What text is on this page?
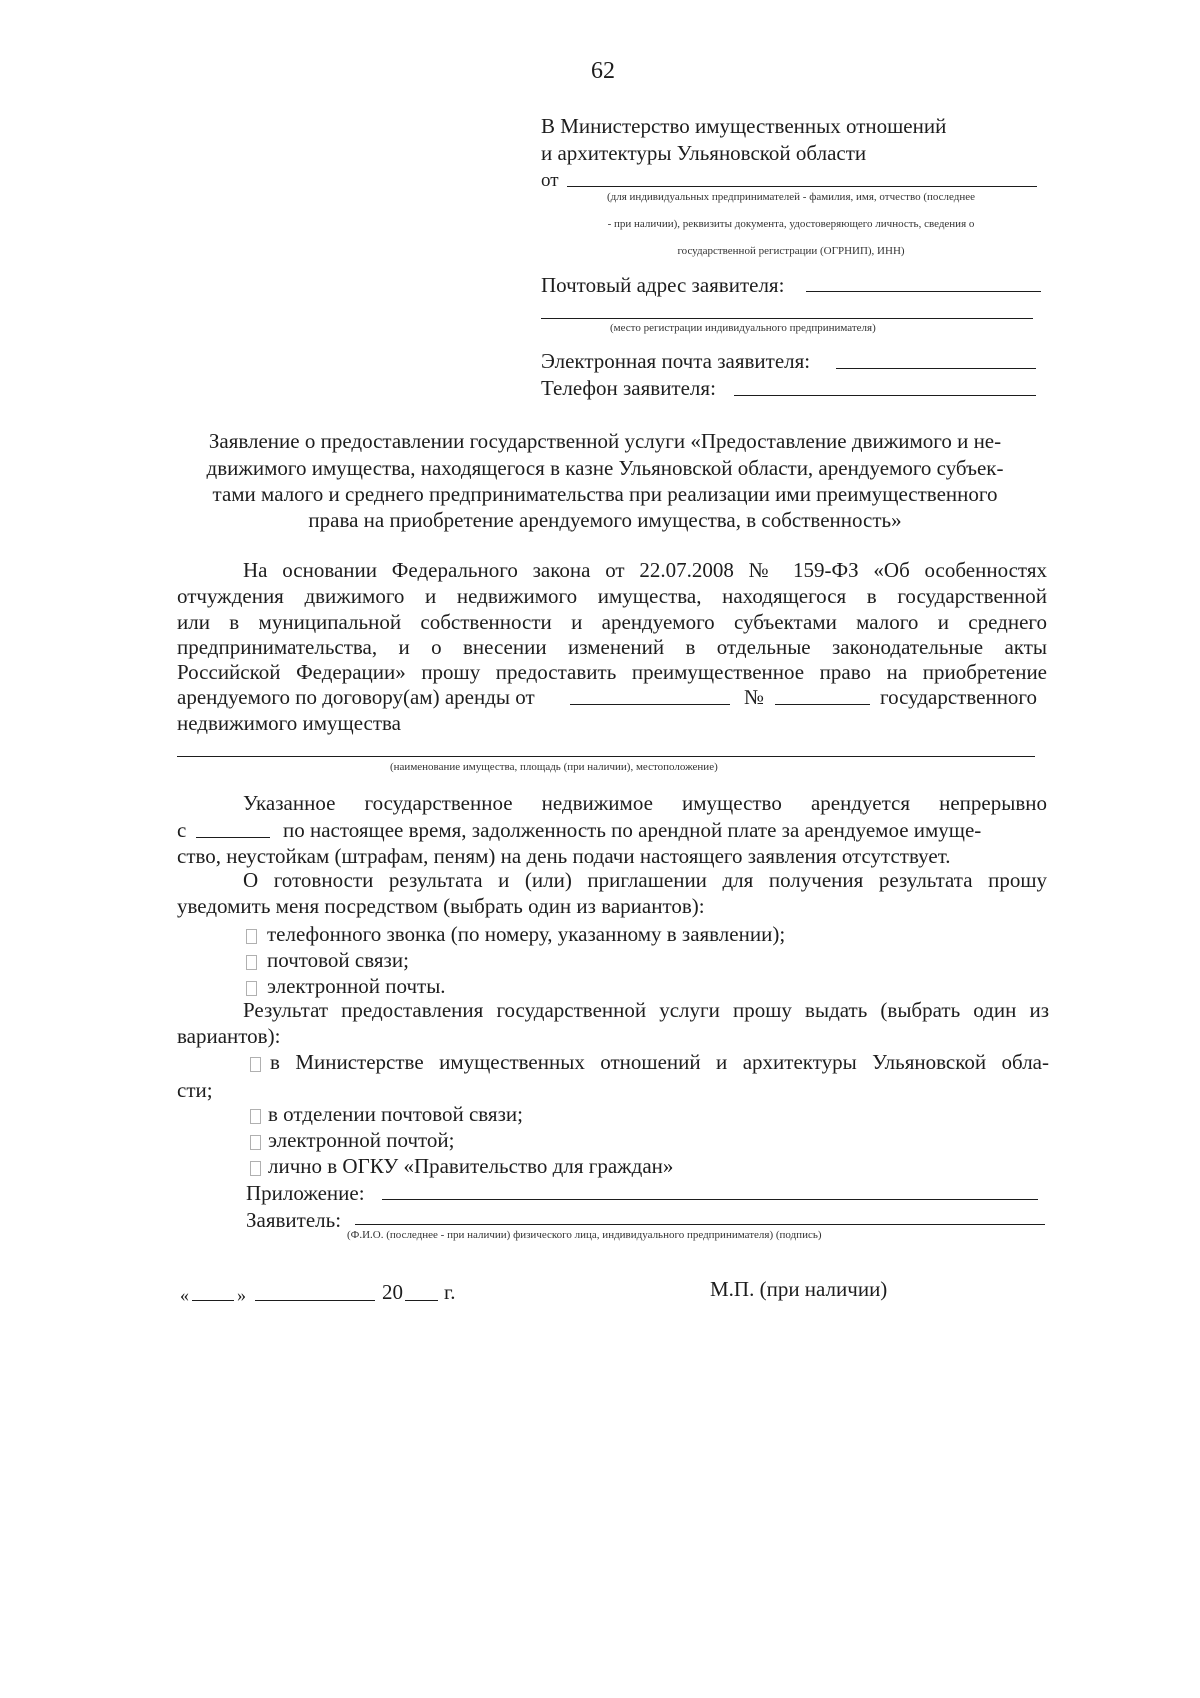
62
В Министерство имущественных отношений
и архитектуры Ульяновской области
от
(для индивидуальных предпринимателей - фамилия, имя, отчество (последнее
- при наличии), реквизиты документа, удостоверяющего личность, сведения о
государственной регистрации (ОГРНИП), ИНН)
Почтовый адрес заявителя:
(место регистрации индивидуального предпринимателя)
Электронная почта заявителя:
Телефон заявителя:
Заявление о предоставлении государственной услуги «Предоставление движимого и не-
движимого имущества, находящегося в казне Ульяновской области, арендуемого субъек-
тами малого и среднего предпринимательства при реализации ими преимущественного
права на приобретение арендуемого имущества, в собственность»
На основании Федерального закона от 22.07.2008 № 159-ФЗ «Об особенностях
отчуждения движимого и недвижимого имущества, находящегося в государственной
или в муниципальной собственности и арендуемого субъектами малого и среднего
предпринимательства, и о внесении изменений в отдельные законодательные акты
Российской Федерации» прошу предоставить преимущественное право на приобретение
арендуемого по договору(ам) аренды от	№	государственного
недвижимого имущества
(наименование имущества, площадь (при наличии), местоположение)
Указанное государственное недвижимое имущество арендуется непрерывно
с	по настоящее время, задолженность по арендной плате за арендуемое имуще-
ство, неустойкам (штрафам, пеням) на день подачи настоящего заявления отсутствует.
О готовности результата и (или) приглашении для получения результата прошу
уведомить меня посредством (выбрать один из вариантов):
телефонного звонка (по номеру, указанному в заявлении);
почтовой связи;
электронной почты.
Результат предоставления государственной услуги прошу выдать (выбрать один из
вариантов):
в Министерстве имущественных отношений и архитектуры Ульяновской обла-
сти;
в отделении почтовой связи;
электронной почтой;
лично в ОГКУ «Правительство для граждан»
Приложение:
Заявитель:
(Ф.И.О. (последнее - при наличии) физического лица, индивидуального предпринимателя) (подпись)
«	»	20 г.	М.П. (при наличии)
